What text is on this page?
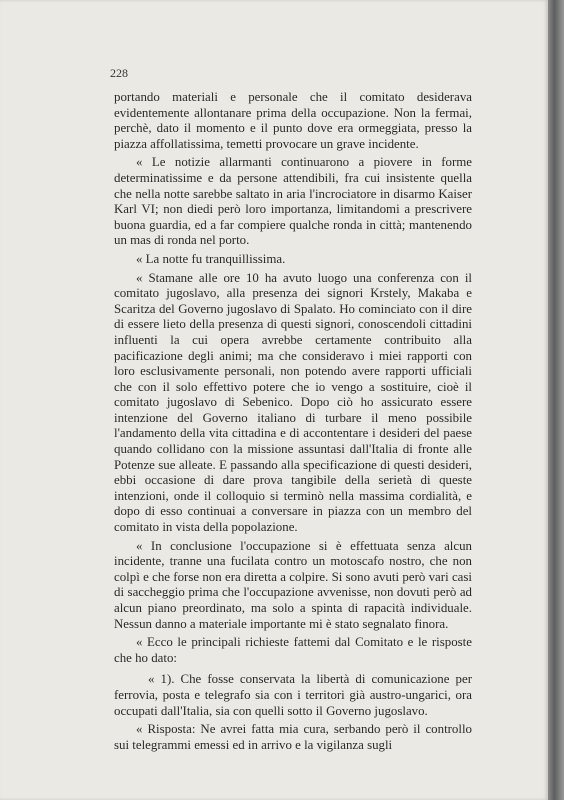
228

portando materiali e personale che il comitato desiderava evidentemente allontanare prima della occupazione. Non la fermai, perchè, dato il momento e il punto dove era ormeggiata, presso la piazza affollatissima, temetti provocare un grave incidente.

« Le notizie allarmanti continuarono a piovere in forme determinatissime e da persone attendibili, fra cui insistente quella che nella notte sarebbe saltato in aria l'incrociatore in disarmo Kaiser Karl VI; non diedi però loro importanza, limitandomi a prescrivere buona guardia, ed a far compiere qualche ronda in città; mantenendo un mas di ronda nel porto.

« La notte fu tranquillissima.

« Stamane alle ore 10 ha avuto luogo una conferenza con il comitato jugoslavo, alla presenza dei signori Krstely, Makaba e Scaritza del Governo jugoslavo di Spalato. Ho cominciato con il dire di essere lieto della presenza di questi signori, conoscendoli cittadini influenti la cui opera avrebbe certamente contribuito alla pacificazione degli animi; ma che consideravo i miei rapporti con loro esclusivamente personali, non potendo avere rapporti ufficiali che con il solo effettivo potere che io vengo a sostituire, cioè il comitato jugoslavo di Sebenico. Dopo ciò ho assicurato essere intenzione del Governo italiano di turbare il meno possibile l'andamento della vita cittadina e di accontentare i desideri del paese quando collidano con la missione assuntasi dall'Italia di fronte alle Potenze sue alleate. E passando alla specificazione di questi desideri, ebbi occasione di dare prova tangibile della serietà di queste intenzioni, onde il colloquio si terminò nella massima cordialità, e dopo di esso continuai a conversare in piazza con un membro del comitato in vista della popolazione.

« In conclusione l'occupazione si è effettuata senza alcun incidente, tranne una fucilata contro un motoscafo nostro, che non colpì e che forse non era diretta a colpire. Si sono avuti però vari casi di saccheggio prima che l'occupazione avvenisse, non dovuti però ad alcun piano preordinato, ma solo a spinta di rapacità individuale. Nessun danno a materiale importante mi è stato segnalato finora.

« Ecco le principali richieste fattemi dal Comitato e le risposte che ho dato:

« 1). Che fosse conservata la libertà di comunicazione per ferrovia, posta e telegrafo sia con i territori già austro-ungarici, ora occupati dall'Italia, sia con quelli sotto il Governo jugoslavo.

« Risposta: Ne avrei fatta mia cura, serbando però il controllo sui telegrammi emessi ed in arrivo e la vigilanza sugli
